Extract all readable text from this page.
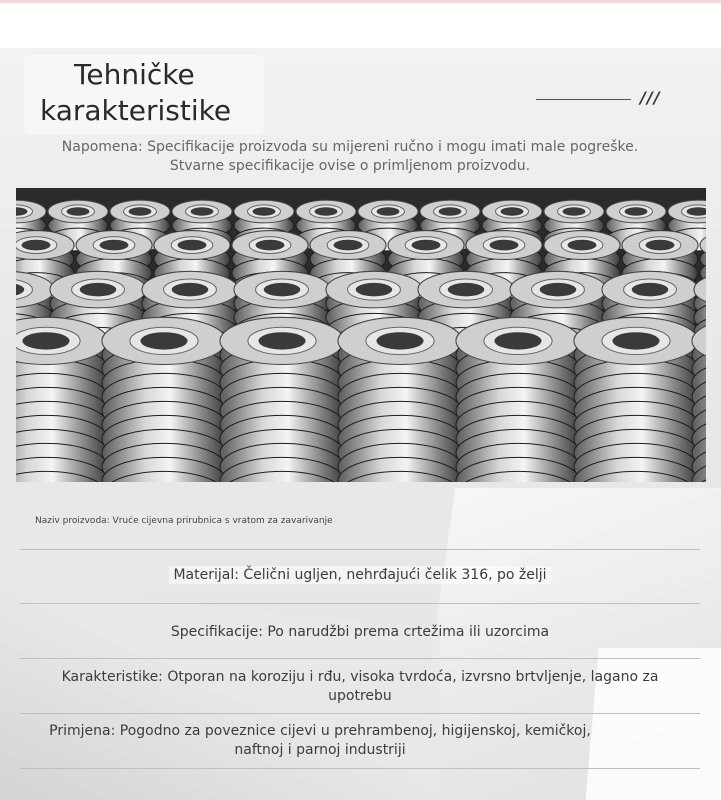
Tehničke
karakteristike	///
Napomena: Specifikacije proizvoda su mijereni ručno i mogu imati male pogreške. Stvarne specifikacije ovise o primljenom proizvodu.
Naziv proizvoda: Vruće cijevna prirubnica s vratom za zavarivanje
Materijal: Čelični ugljen, nehrđajući čelik 316, po želji
Specifikacije: Po narudžbi prema crtežima ili uzorcima
Karakteristike: Otporan na koroziju i rđu, visoka tvrdoća, izvrsno brtvljenje, lagano za upotrebu
Primjena: Pogodno za poveznice cijevi u prehrambenoj, higijenskoj, kemičkoj, naftnoj i parnoj industriji
